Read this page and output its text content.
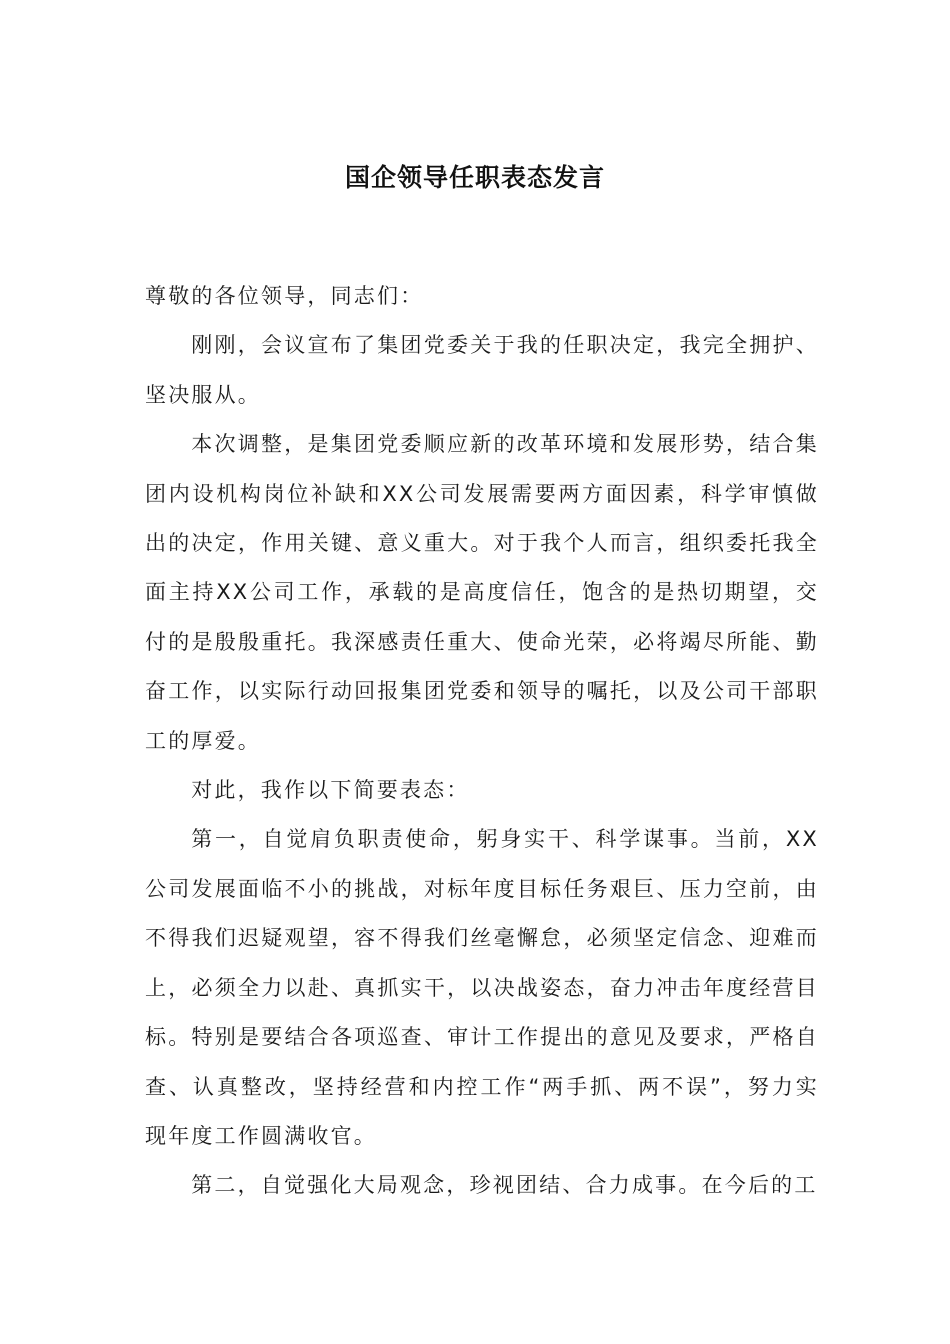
国企领导任职表态发言

尊敬的各位领导，同志们：

刚刚，会议宣布了集团党委关于我的任职决定，我完全拥护、坚决服从。

本次调整，是集团党委顺应新的改革环境和发展形势，结合集团内设机构岗位补缺和XX公司发展需要两方面因素，科学审慎做出的决定，作用关键、意义重大。对于我个人而言，组织委托我全面主持XX公司工作，承载的是高度信任，饱含的是热切期望，交付的是殷殷重托。我深感责任重大、使命光荣，必将竭尽所能、勤奋工作，以实际行动回报集团党委和领导的嘱托，以及公司干部职工的厚爱。

对此，我作以下简要表态：

第一，自觉肩负职责使命，躬身实干、科学谋事。当前，XX公司发展面临不小的挑战，对标年度目标任务艰巨、压力空前，由不得我们迟疑观望，容不得我们丝毫懈怠，必须坚定信念、迎难而上，必须全力以赴、真抓实干，以决战姿态，奋力冲击年度经营目标。特别是要结合各项巡查、审计工作提出的意见及要求，严格自查、认真整改，坚持经营和内控工作“两手抓、两不误”，努力实现年度工作圆满收官。

第二，自觉强化大局观念，珍视团结、合力成事。在今后的工
